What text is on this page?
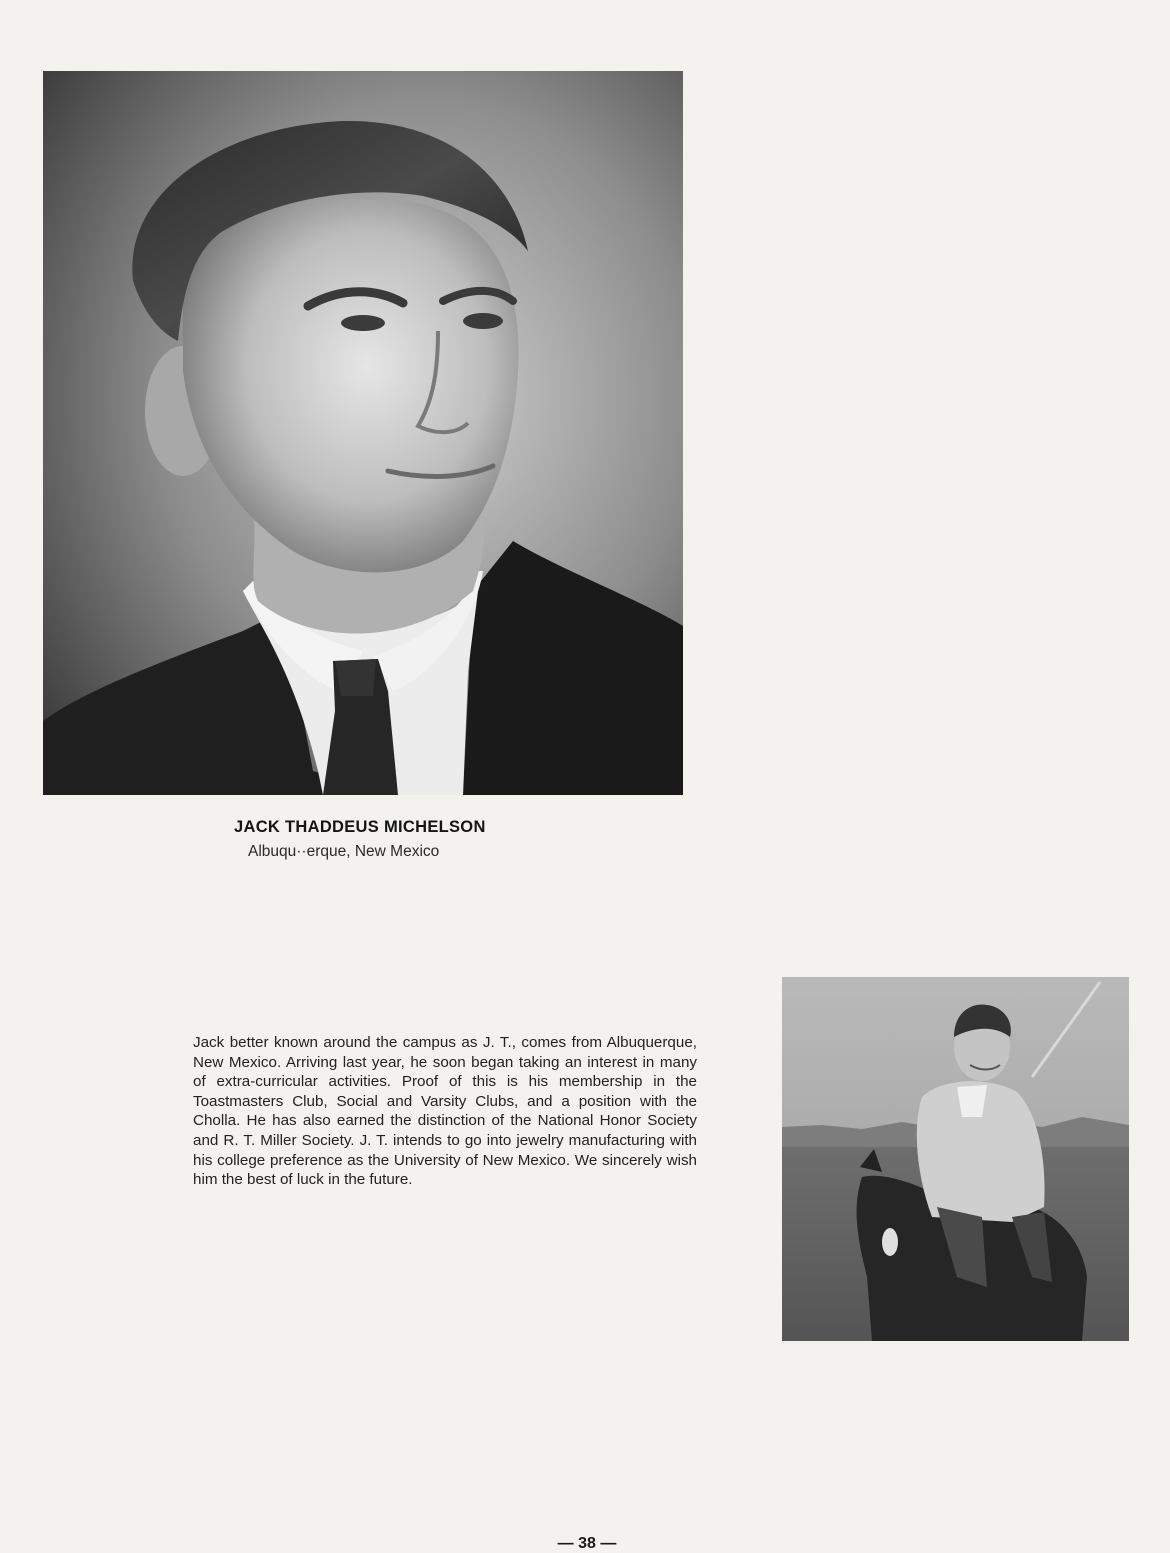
JACK THADDEUS MICHELSON
Albuqu··erque, New Mexico
Jack better known around the campus as J. T., comes from Albuquerque, New Mexico. Arriving last year, he soon began taking an interest in many of extra-curricular activities. Proof of this is his membership in the Toastmasters Club, Social and Varsity Clubs, and a position with the Cholla. He has also earned the distinction of the National Honor Society and R. T. Miller Society. J. T. intends to go into jewelry manufacturing with his college preference as the University of New Mexico. We sincerely wish him the best of luck in the future.
— 38 —
